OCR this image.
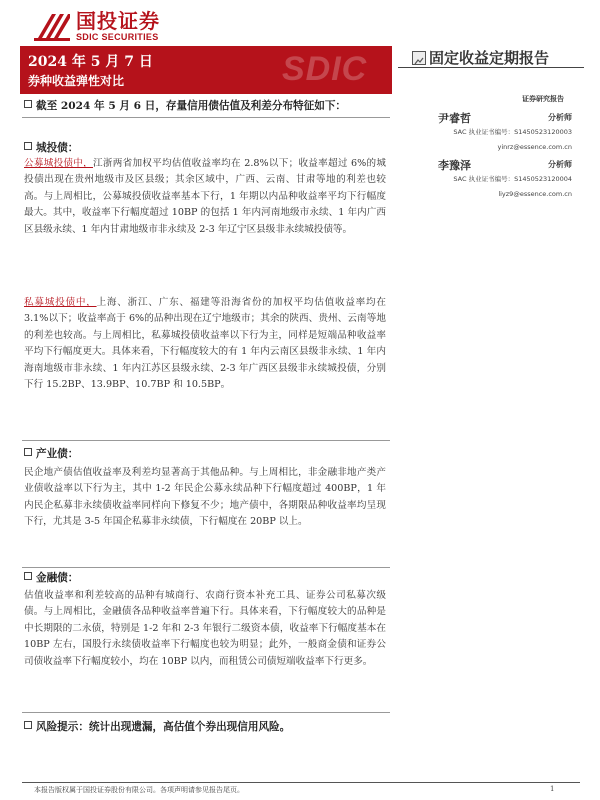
国投证券
SDIC SECURITIES
2024 年 5 月 7 日
券种收益弹性对比	SDIC	固定收益定期报告
证券研究报告
截至 2024 年 5 月 6 日，存量信用债估值及利差分布特征如下：
城投债：
公募城投债中，江浙两省加权平均估值收益率均在 2.8%以下；收益率超过 6%的城投债出现在贵州地级市及区县级；其余区域中，广西、云南、甘肃等地的利差也较高。与上周相比，公募城投债收益率基本下行，1 年期以内品种收益率平均下行幅度最大。其中，收益率下行幅度超过 10BP 的包括 1 年内河南地级市永续、1 年内广西区县级永续、1 年内甘肃地级市非永续及 2-3 年辽宁区县级非永续城投债等。
私募城投债中，上海、浙江、广东、福建等沿海省份的加权平均估值收益率均在 3.1%以下；收益率高于 6%的品种出现在辽宁地级市；其余的陕西、贵州、云南等地的利差也较高。与上周相比，私募城投债收益率以下行为主，同样是短端品种收益率平均下行幅度更大。具体来看，下行幅度较大的有 1 年内云南区县级非永续、1 年内海南地级市非永续、1 年内江苏区县级永续、2-3 年广西区县级非永续城投债，分别下行 15.2BP、13.9BP、10.7BP 和 10.5BP。
产业债：
民企地产债估值收益率及利差均显著高于其他品种。与上周相比，非金融非地产类产业债收益率以下行为主，其中 1-2 年民企公募永续品种下行幅度超过 400BP，1 年内民企私募非永续债收益率同样向下修复不少；地产债中，各期限品种收益率均呈现下行，尤其是 3-5 年国企私募非永续债，下行幅度在 20BP 以上。
金融债：
估值收益率和利差较高的品种有城商行、农商行资本补充工具、证券公司私募次级债。与上周相比，金融债各品种收益率普遍下行。具体来看，下行幅度较大的品种是中长期限的二永债，特别是 1-2 年和 2-3 年银行二级资本债，收益率下行幅度基本在 10BP 左右，国股行永续债收益率下行幅度也较为明显；此外，一般商金债和证券公司债收益率下行幅度较小，均在 10BP 以内，而租赁公司债短端收益率下行更多。
风险提示：统计出现遗漏，高估值个券出现信用风险。
尹睿哲	分析师
SAC 执业证书编号：S1450523120003
yinrz@essence.com.cn
李豫泽	分析师
SAC 执业证书编号：S1450523120004
liyz9@essence.com.cn
本报告版权属于国投证券股份有限公司。各项声明请参见报告尾页。	1
